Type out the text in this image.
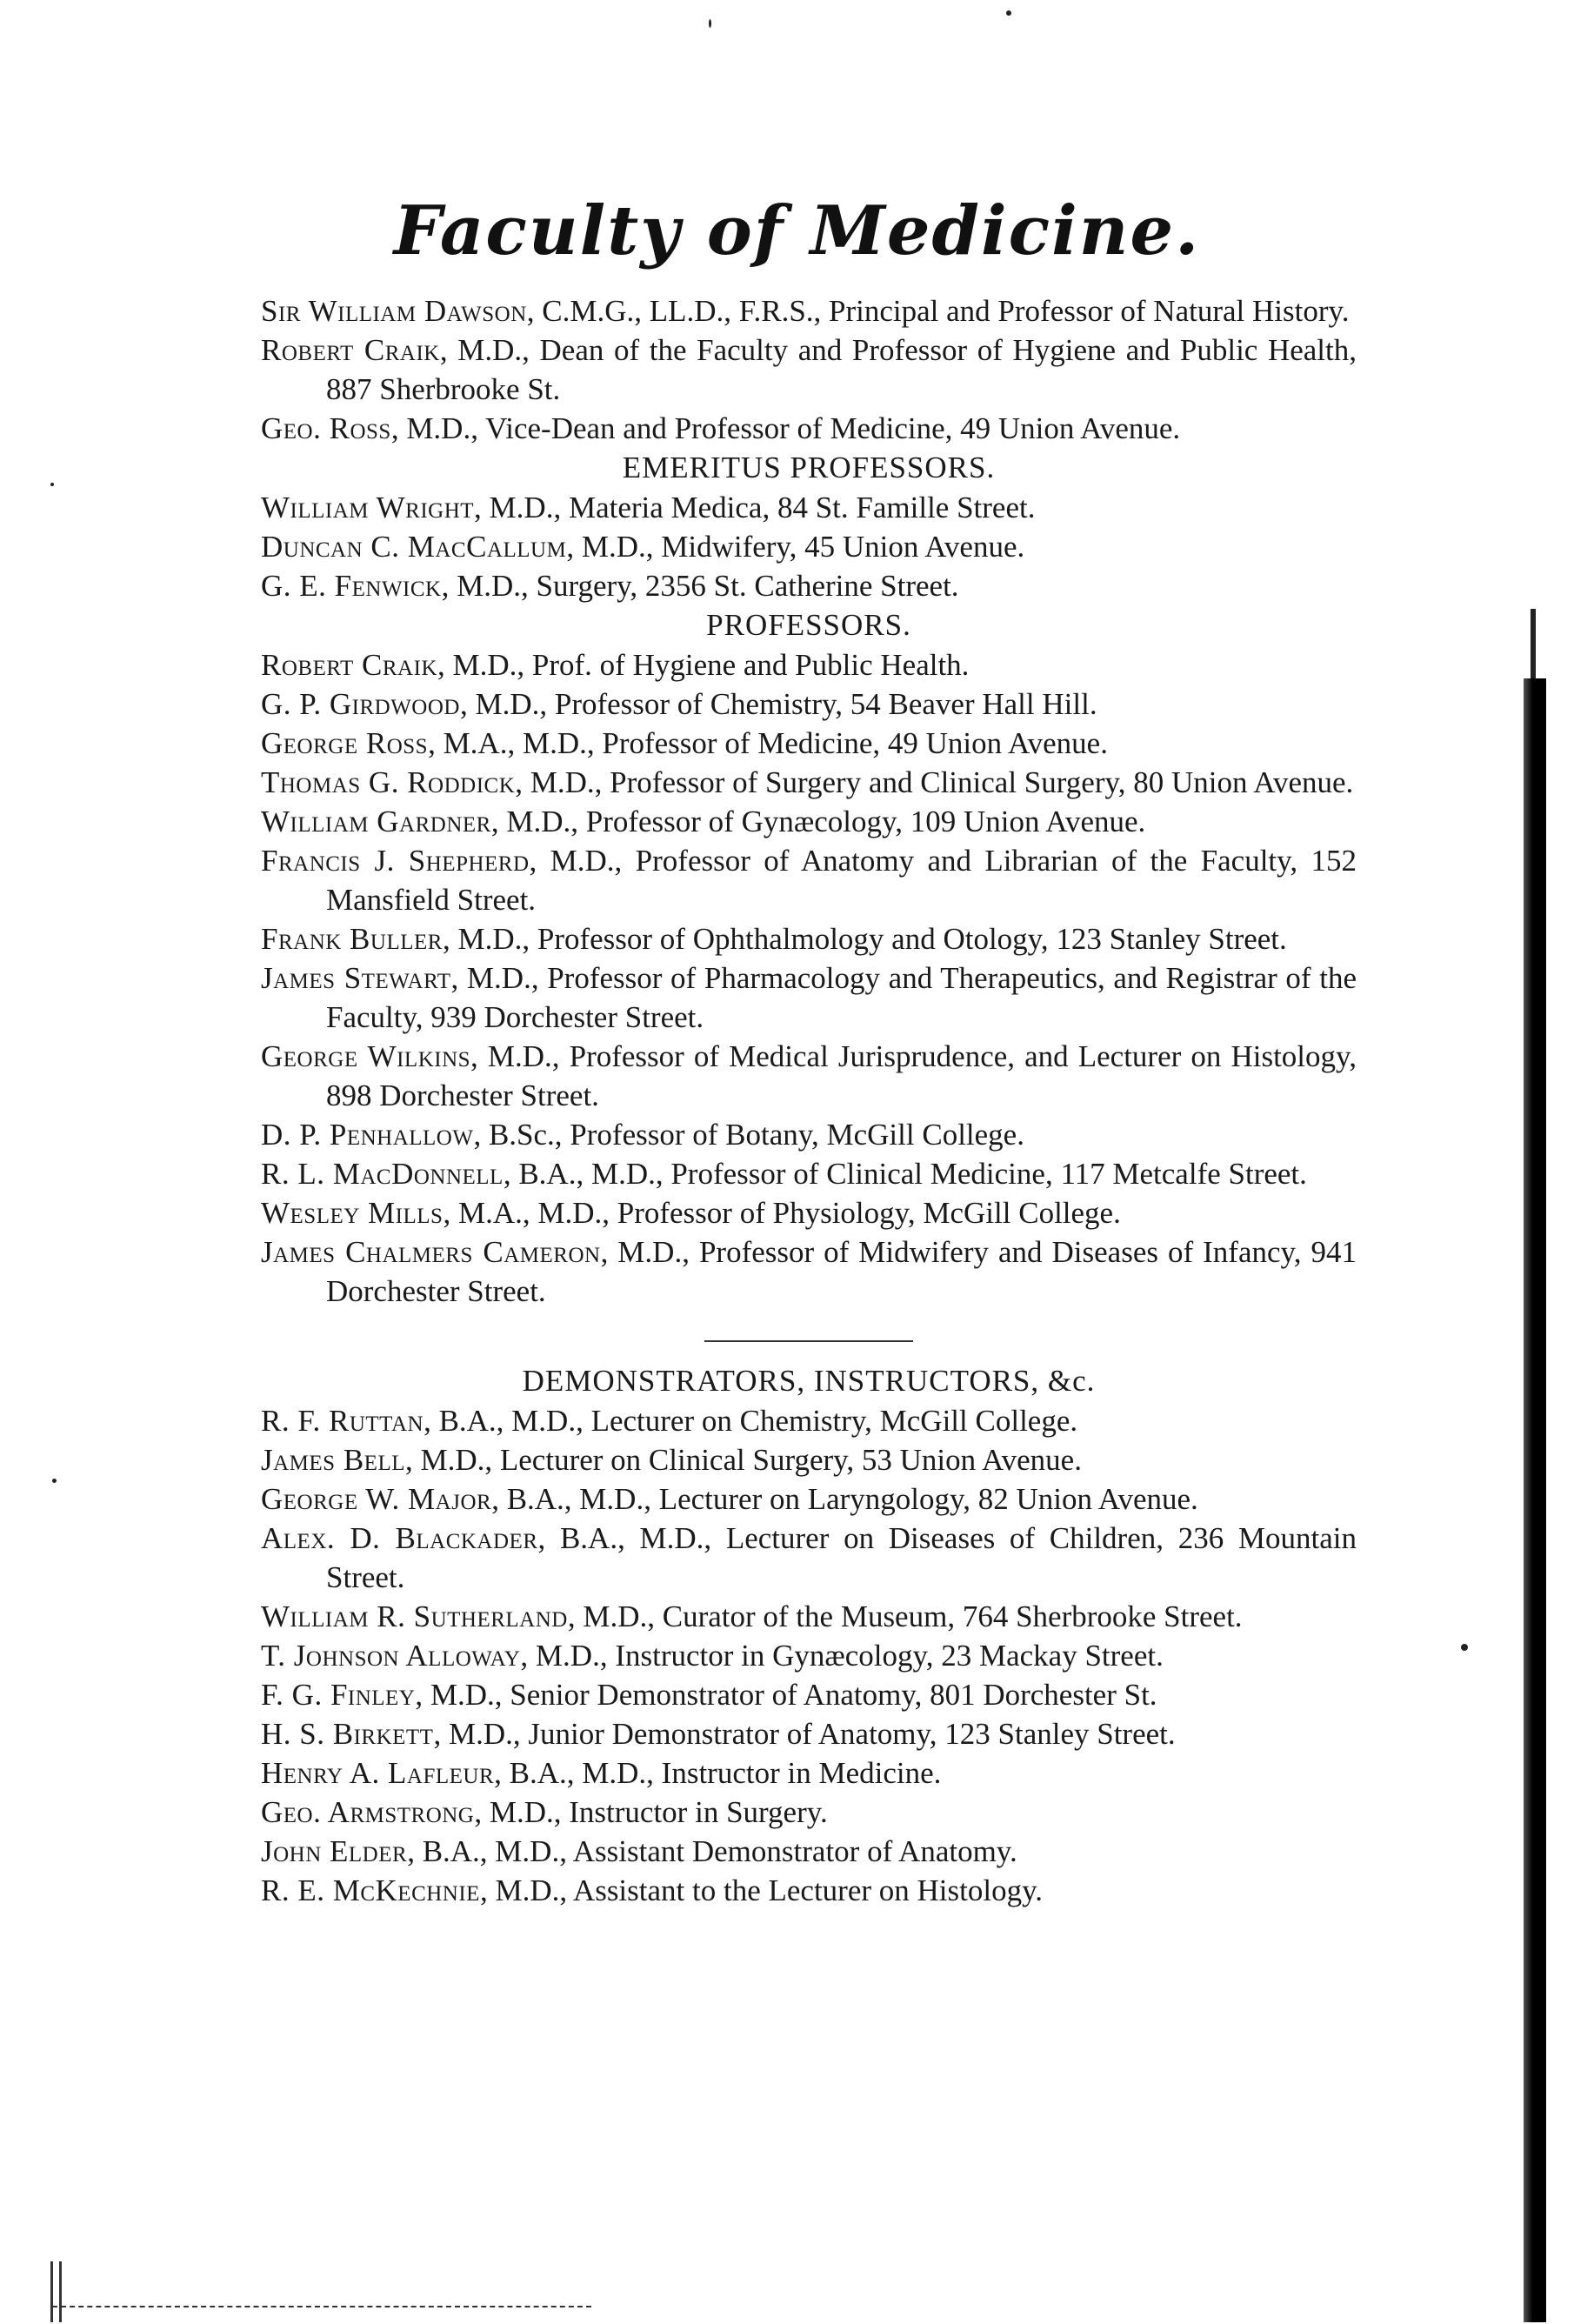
Faculty of Medicine.

Sir William Dawson, C.M.G., LL.D., F.R.S., Principal and Professor of Natural History.

Robert Craik, M.D., Dean of the Faculty and Professor of Hygiene and Public Health, 887 Sherbrooke St.

Geo. Ross, M.D., Vice-Dean and Professor of Medicine, 49 Union Avenue.

EMERITUS PROFESSORS.

William Wright, M.D., Materia Medica, 84 St. Famille Street.

Duncan C. MacCallum, M.D., Midwifery, 45 Union Avenue.

G. E. Fenwick, M.D., Surgery, 2356 St. Catherine Street.

PROFESSORS.

Robert Craik, M.D., Prof. of Hygiene and Public Health.

G. P. Girdwood, M.D., Professor of Chemistry, 54 Beaver Hall Hill.

George Ross, M.A., M.D., Professor of Medicine, 49 Union Avenue.

Thomas G. Roddick, M.D., Professor of Surgery and Clinical Surgery, 80 Union Avenue.

William Gardner, M.D., Professor of Gynæcology, 109 Union Avenue.

Francis J. Shepherd, M.D., Professor of Anatomy and Librarian of the Faculty, 152 Mansfield Street.

Frank Buller, M.D., Professor of Ophthalmology and Otology, 123 Stanley Street.

James Stewart, M.D., Professor of Pharmacology and Therapeutics, and Registrar of the Faculty, 939 Dorchester Street.

George Wilkins, M.D., Professor of Medical Jurisprudence, and Lecturer on Histology, 898 Dorchester Street.

D. P. Penhallow, B.Sc., Professor of Botany, McGill College.

R. L. MacDonnell, B.A., M.D., Professor of Clinical Medicine, 117 Metcalfe Street.

Wesley Mills, M.A., M.D., Professor of Physiology, McGill College.

James Chalmers Cameron, M.D., Professor of Midwifery and Diseases of Infancy, 941 Dorchester Street.

DEMONSTRATORS, INSTRUCTORS, &c.

R. F. Ruttan, B.A., M.D., Lecturer on Chemistry, McGill College.

James Bell, M.D., Lecturer on Clinical Surgery, 53 Union Avenue.

George W. Major, B.A., M.D., Lecturer on Laryngology, 82 Union Avenue.

Alex. D. Blackader, B.A., M.D., Lecturer on Diseases of Children, 236 Mountain Street.

William R. Sutherland, M.D., Curator of the Museum, 764 Sherbrooke Street.

T. Johnson Alloway, M.D., Instructor in Gynæcology, 23 Mackay Street.

F. G. Finley, M.D., Senior Demonstrator of Anatomy, 801 Dorchester St.

H. S. Birkett, M.D., Junior Demonstrator of Anatomy, 123 Stanley Street.

Henry A. Lafleur, B.A., M.D., Instructor in Medicine.

Geo. Armstrong, M.D., Instructor in Surgery.

John Elder, B.A., M.D., Assistant Demonstrator of Anatomy.

R. E. McKechnie, M.D., Assistant to the Lecturer on Histology.
